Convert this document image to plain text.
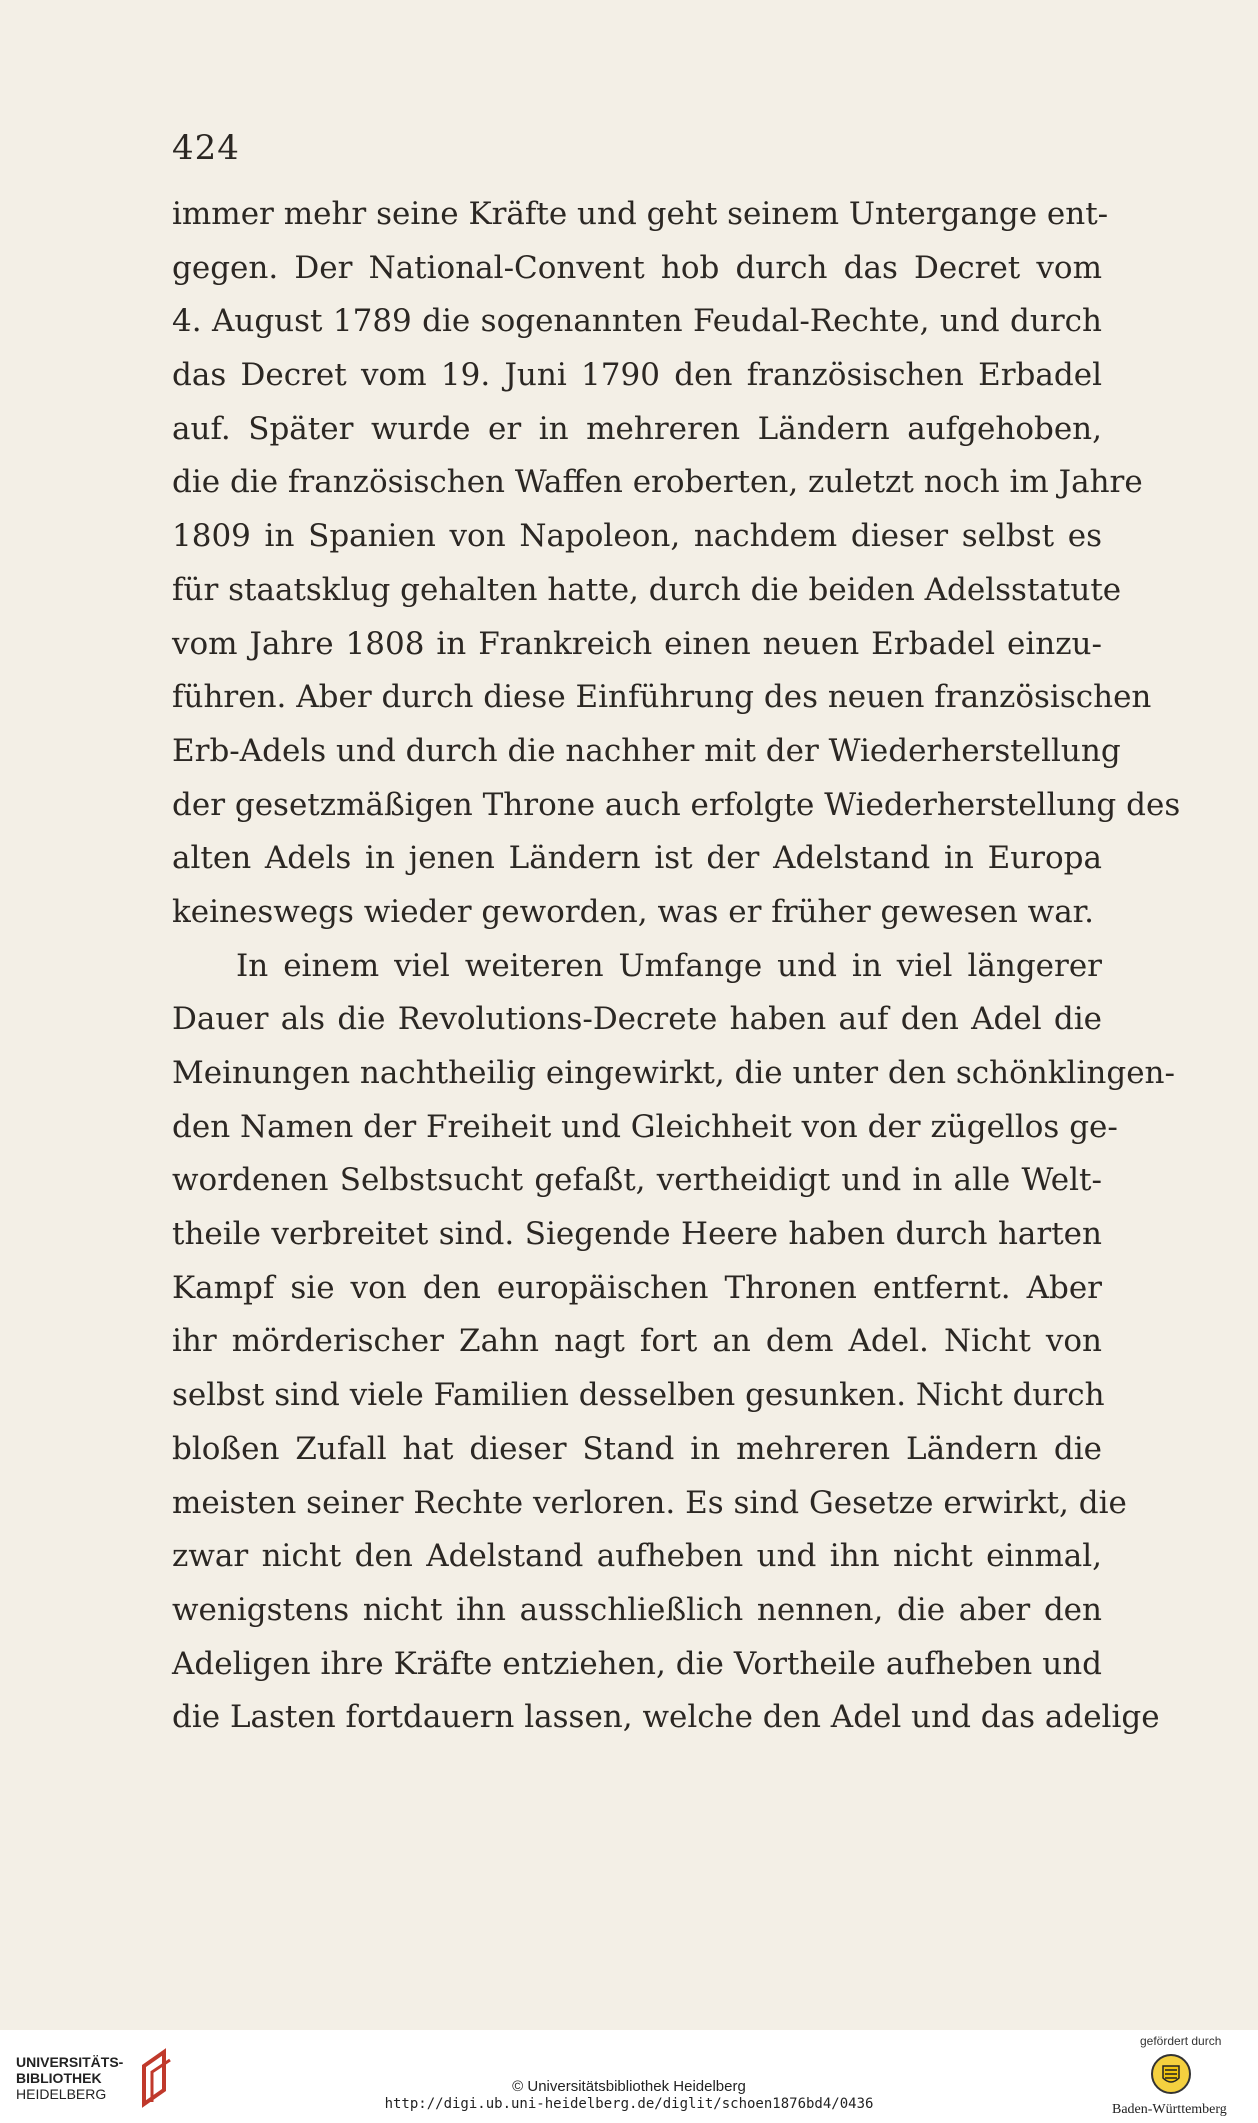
424
immer mehr seine Kräfte und geht seinem Untergange ent-
gegen. Der National-Convent hob durch das Decret vom
4. August 1789 die sogenannten Feudal-Rechte, und durch
das Decret vom 19. Juni 1790 den französischen Erbadel
auf. Später wurde er in mehreren Ländern aufgehoben,
die die französischen Waffen eroberten, zuletzt noch im Jahre
1809 in Spanien von Napoleon, nachdem dieser selbst es
für staatsklug gehalten hatte, durch die beiden Adelsstatute
vom Jahre 1808 in Frankreich einen neuen Erbadel einzu-
führen. Aber durch diese Einführung des neuen französischen
Erb-Adels und durch die nachher mit der Wiederherstellung
der gesetzmäßigen Throne auch erfolgte Wiederherstellung des
alten Adels in jenen Ländern ist der Adelstand in Europa
keineswegs wieder geworden, was er früher gewesen war.
In einem viel weiteren Umfange und in viel längerer
Dauer als die Revolutions-Decrete haben auf den Adel die
Meinungen nachtheilig eingewirkt, die unter den schönklingen-
den Namen der Freiheit und Gleichheit von der zügellos ge-
wordenen Selbstsucht gefaßt, vertheidigt und in alle Welt-
theile verbreitet sind. Siegende Heere haben durch harten
Kampf sie von den europäischen Thronen entfernt. Aber
ihr mörderischer Zahn nagt fort an dem Adel. Nicht von
selbst sind viele Familien desselben gesunken. Nicht durch
bloßen Zufall hat dieser Stand in mehreren Ländern die
meisten seiner Rechte verloren. Es sind Gesetze erwirkt, die
zwar nicht den Adelstand aufheben und ihn nicht einmal,
wenigstens nicht ihn ausschließlich nennen, die aber den
Adeligen ihre Kräfte entziehen, die Vortheile aufheben und
die Lasten fortdauern lassen, welche den Adel und das adelige
UNIVERSITÄTS-
BIBLIOTHEK
HEIDELBERG	© Universitätsbibliothek Heidelberg
http://digi.ub.uni-heidelberg.de/diglit/schoen1876bd4/0436
gefördert durch
Baden-Württemberg
